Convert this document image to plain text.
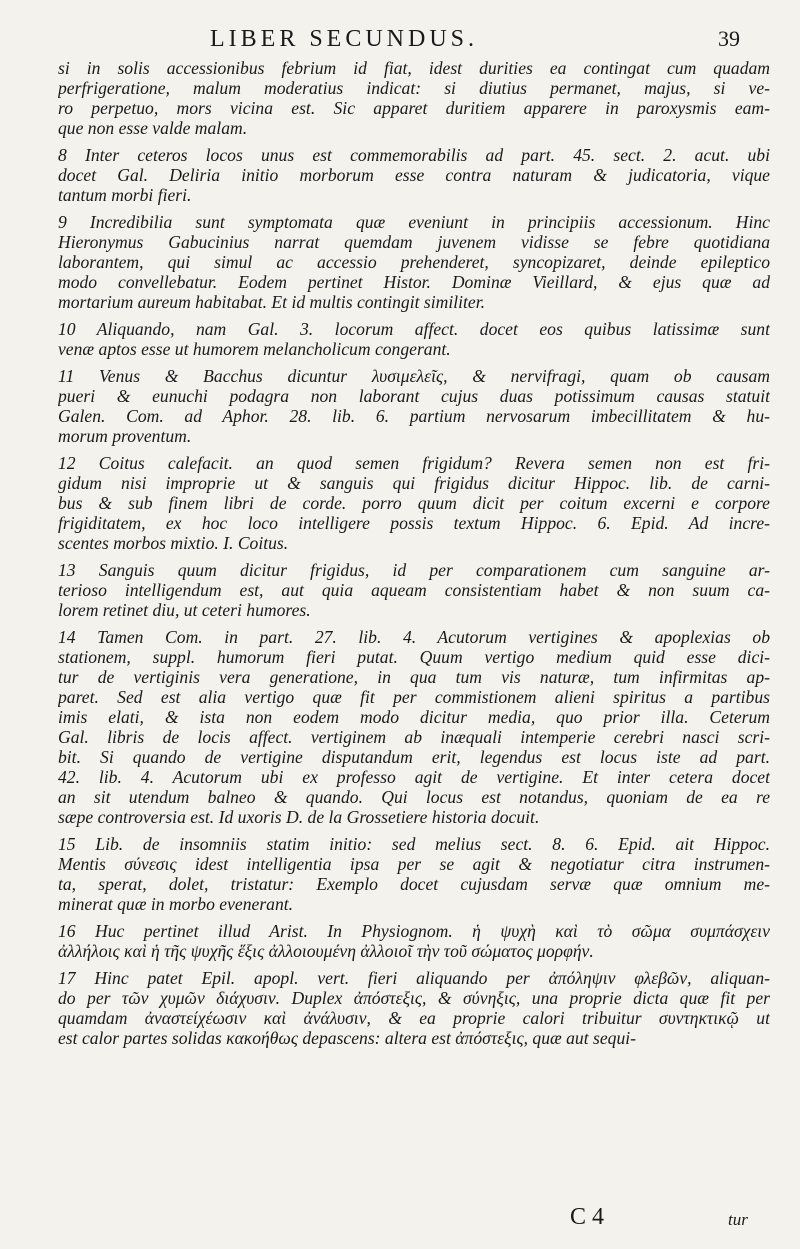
LIBER SECUNDUS.	39

si in solis accessionibus febrium id fiat, idest durities ea contingat cum quadam
perfrigeratione, malum moderatius indicat: si diutius permanet, majus, si ve-
ro perpetuo, mors vicina est. Sic apparet duritiem apparere in paroxysmis eam-
que non esse valde malam.

8 Inter ceteros locos unus est commemorabilis ad part. 45. sect. 2. acut. ubi
docet Gal. Deliria initio morborum esse contra naturam & judicatoria, vique
tantum morbi fieri.

9 Incredibilia sunt symptomata quæ eveniunt in principiis accessionum. Hinc
Hieronymus Gabucinius narrat quemdam juvenem vidisse se febre quotidiana
laborantem, qui simul ac accessio prehenderet, syncopizaret, deinde epileptico
modo convellebatur. Eodem pertinet Histor. Dominæ Vieillard, & ejus quæ ad
mortarium aureum habitabat. Et id multis contingit similiter.

10 Aliquando, nam Gal. 3. locorum affect. docet eos quibus latissimæ sunt
venæ aptos esse ut humorem melancholicum congerant.

11 Venus & Bacchus dicuntur λυσιμελεῖς, & nervifragi, quam ob causam
pueri & eunuchi podagra non laborant cujus duas potissimum causas statuit
Galen. Com. ad Aphor. 28. lib. 6. partium nervosarum imbecillitatem & hu-
morum proventum.

12 Coitus calefacit. an quod semen frigidum? Revera semen non est fri-
gidum nisi improprie ut & sanguis qui frigidus dicitur Hippoc. lib. de carni-
bus & sub finem libri de corde. porro quum dicit per coitum excerni e corpore
frigiditatem, ex hoc loco intelligere possis textum Hippoc. 6. Epid. Ad incre-
scentes morbos mixtio. I. Coitus.

13 Sanguis quum dicitur frigidus, id per comparationem cum sanguine ar-
terioso intelligendum est, aut quia aqueam consistentiam habet & non suum ca-
lorem retinet diu, ut ceteri humores.

14 Tamen Com. in part. 27. lib. 4. Acutorum vertigines & apoplexias ob
stationem, suppl. humorum fieri putat. Quum vertigo medium quid esse dici-
tur de vertiginis vera generatione, in qua tum vis naturæ, tum infirmitas ap-
paret. Sed est alia vertigo quæ fit per commistionem alieni spiritus a partibus
imis elati, & ista non eodem modo dicitur media, quo prior illa. Ceterum
Gal. libris de locis affect. vertiginem ab inæquali intemperie cerebri nasci scri-
bit. Si quando de vertigine disputandum erit, legendus est locus iste ad part.
42. lib. 4. Acutorum ubi ex professo agit de vertigine. Et inter cetera docet
an sit utendum balneo & quando. Qui locus est notandus, quoniam de ea re
sæpe controversia est. Id uxoris D. de la Grossetiere historia docuit.

15 Lib. de insomniis statim initio: sed melius sect. 8. 6. Epid. ait Hippoc.
Mentis σύνεσις idest intelligentia ipsa per se agit & negotiatur citra instrumen-
ta, sperat, dolet, tristatur: Exemplo docet cujusdam servæ quæ omnium me-
minerat quæ in morbo evenerant.

16 Huc pertinet illud Arist. In Physiognom. ἡ ψυχὴ καὶ τὸ σῶμα συμπάσχειν
ἀλλήλοις καὶ ἡ τῆς ψυχῆς ἕξις ἀλλοιουμένη ἀλλοιοῖ τὴν τοῦ σώματος μορφήν.

17 Hinc patet Epil. apopl. vert. fieri aliquando per ἀπόληψιν φλεβῶν, aliquan-
do per τῶν χυμῶν διάχυσιν. Duplex ἀπόστεξις, & σύνηξις, una proprie dicta quæ fit per
quamdam ἀναστείχέωσιν καὶ ἀνάλυσιν, & ea proprie calori tribuitur συντηκτικῷ ut
est calor partes solidas κακοήθως depascens: altera est ἀπόστεξις, quæ aut sequi-

C 4	tur
